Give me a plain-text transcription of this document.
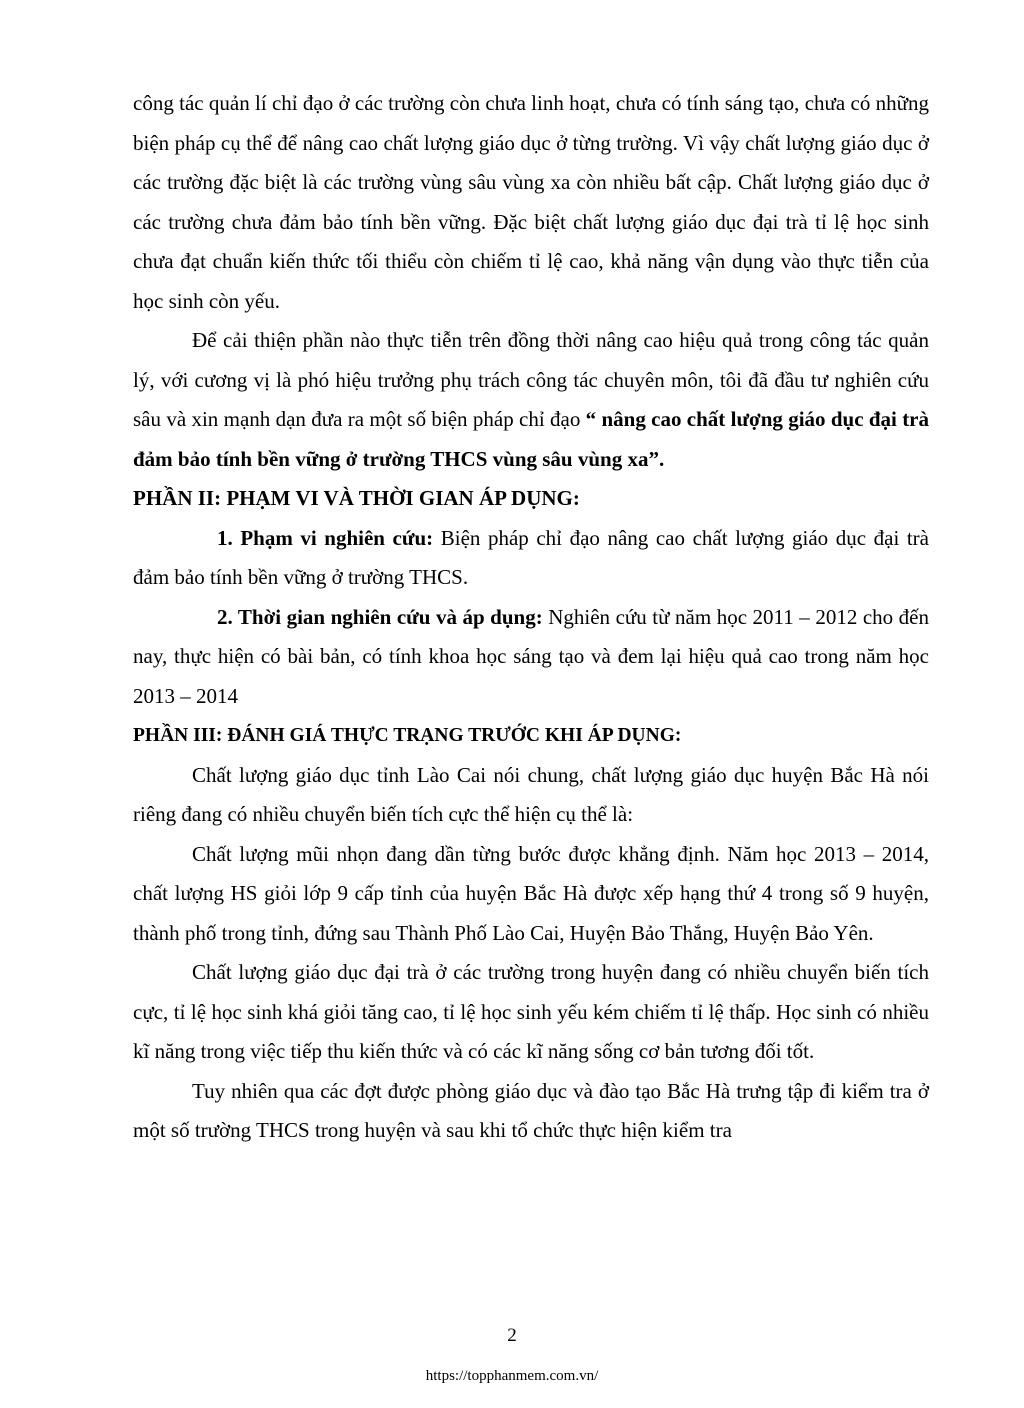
công tác quản lí chỉ đạo ở các trường còn chưa linh hoạt, chưa có tính sáng tạo, chưa có những biện pháp cụ thể để nâng cao chất lượng giáo dục ở từng trường. Vì vậy chất lượng giáo dục ở các trường đặc biệt là các trường vùng sâu vùng xa còn nhiều bất cập. Chất lượng giáo dục ở các trường chưa đảm bảo tính bền vững. Đặc biệt chất lượng giáo dục đại trà tỉ lệ học sinh chưa đạt chuẩn kiến thức tối thiểu còn chiếm tỉ lệ cao, khả năng vận dụng vào thực tiễn của học sinh còn yếu.

Để cải thiện phần nào thực tiễn trên đồng thời nâng cao hiệu quả trong công tác quản lý, với cương vị là phó hiệu trưởng phụ trách công tác chuyên môn, tôi đã đầu tư nghiên cứu sâu và xin mạnh dạn đưa ra một số biện pháp chỉ đạo “ nâng cao chất lượng giáo dục đại trà đảm bảo tính bền vững ở trường THCS vùng sâu vùng xa”.

PHẦN II: PHẠM VI VÀ THỜI GIAN ÁP DỤNG:

1. Phạm vi nghiên cứu: Biện pháp chỉ đạo nâng cao chất lượng giáo dục đại trà đảm bảo tính bền vững ở trường THCS.

2. Thời gian nghiên cứu và áp dụng: Nghiên cứu từ năm học 2011 – 2012 cho đến nay, thực hiện có bài bản, có tính khoa học sáng tạo và đem lại hiệu quả cao trong năm học 2013 – 2014

PHẦN III: ĐÁNH GIÁ THỰC TRẠNG TRƯỚC KHI ÁP DỤNG:

Chất lượng giáo dục tỉnh Lào Cai nói chung, chất lượng giáo dục huyện Bắc Hà nói riêng đang có nhiều chuyển biến tích cực thể hiện cụ thể là:

Chất lượng mũi nhọn đang dần từng bước được khẳng định. Năm học 2013 – 2014, chất lượng HS giỏi lớp 9 cấp tỉnh của huyện Bắc Hà được xếp hạng thứ 4 trong số 9 huyện, thành phố trong tỉnh, đứng sau Thành Phố Lào Cai, Huyện Bảo Thắng, Huyện Bảo Yên.

Chất lượng giáo dục đại trà ở các trường trong huyện đang có nhiều chuyển biến tích cực, tỉ lệ học sinh khá giỏi tăng cao, tỉ lệ học sinh yếu kém chiếm tỉ lệ thấp. Học sinh có nhiều kĩ năng trong việc tiếp thu kiến thức và có các kĩ năng sống cơ bản tương đối tốt.

Tuy nhiên qua các đợt được phòng giáo dục và đào tạo Bắc Hà trưng tập đi kiểm tra ở một số trường THCS trong huyện và sau khi tổ chức thực hiện kiểm tra

2
https://topphanmem.com.vn/
